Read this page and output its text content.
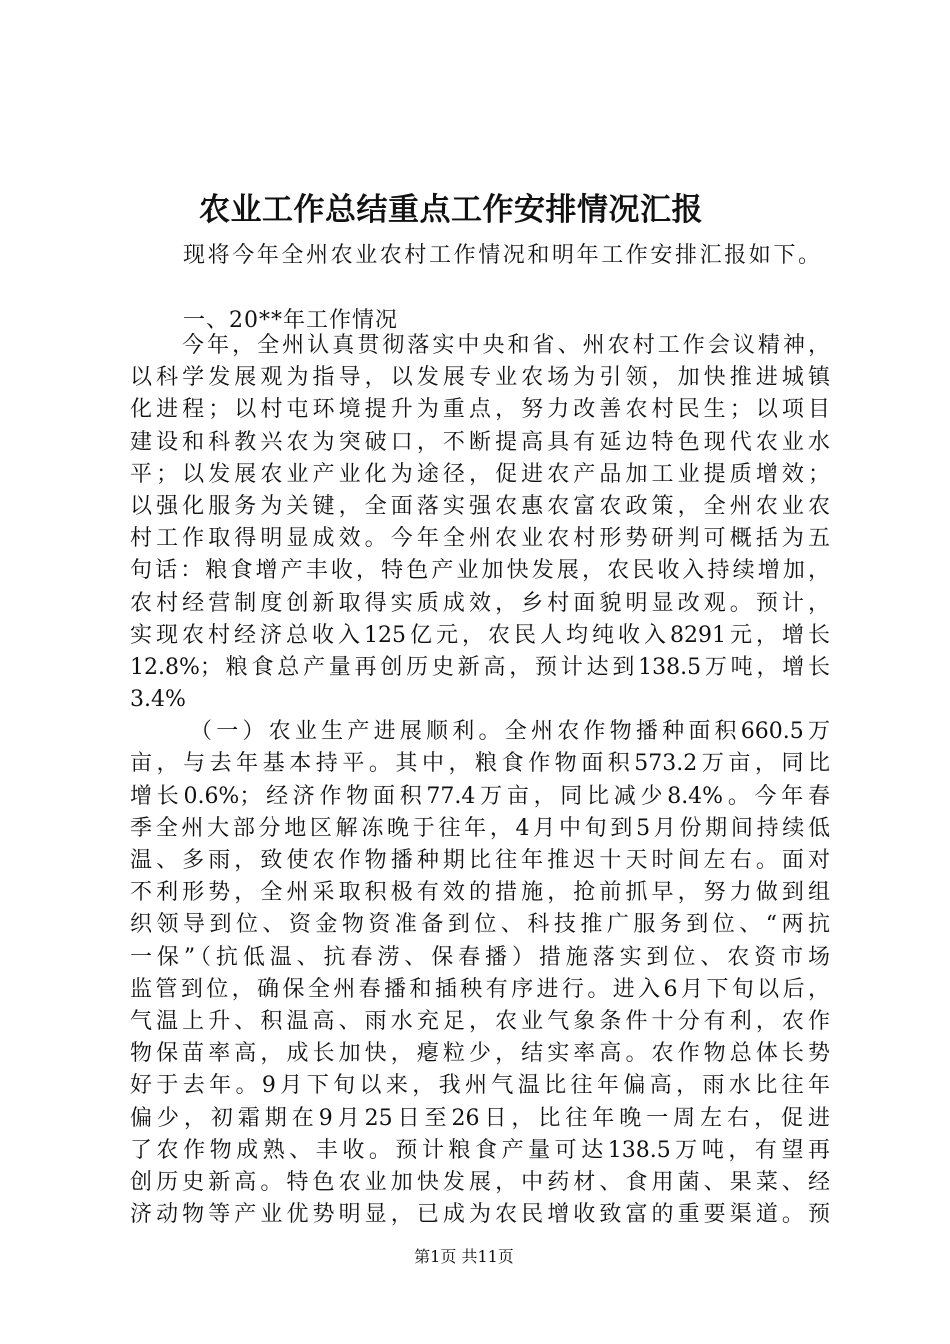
农业工作总结重点工作安排情况汇报
现将今年全州农业农村工作情况和明年工作安排汇报如下。
一、20**年工作情况
今年，全州认真贯彻落实中央和省、州农村工作会议精神，
以科学发展观为指导，以发展专业农场为引领，加快推进城镇
化进程；以村屯环境提升为重点，努力改善农村民生；以项目
建设和科教兴农为突破口，不断提高具有延边特色现代农业水
平；以发展农业产业化为途径，促进农产品加工业提质增效；
以强化服务为关键，全面落实强农惠农富农政策，全州农业农
村工作取得明显成效。今年全州农业农村形势研判可概括为五
句话：粮食增产丰收，特色产业加快发展，农民收入持续增加，
农村经营制度创新取得实质成效，乡村面貌明显改观。预计，
实现农村经济总收入125亿元，农民人均纯收入8291元，增长
12.8%；粮食总产量再创历史新高，预计达到138.5万吨，增长
3.4%
（一）农业生产进展顺利。全州农作物播种面积660.5万
亩，与去年基本持平。其中，粮食作物面积573.2万亩，同比
增长0.6%；经济作物面积77.4万亩，同比减少8.4%。今年春
季全州大部分地区解冻晚于往年，4月中旬到5月份期间持续低
温、多雨，致使农作物播种期比往年推迟十天时间左右。面对
不利形势，全州采取积极有效的措施，抢前抓早，努力做到组
织领导到位、资金物资准备到位、科技推广服务到位、“两抗
一保”（抗低温、抗春涝、保春播）措施落实到位、农资市场
监管到位，确保全州春播和插秧有序进行。进入6月下旬以后，
气温上升、积温高、雨水充足，农业气象条件十分有利，农作
物保苗率高，成长加快，瘪粒少，结实率高。农作物总体长势
好于去年。9月下旬以来，我州气温比往年偏高，雨水比往年
偏少，初霜期在9月25日至26日，比往年晚一周左右，促进
了农作物成熟、丰收。预计粮食产量可达138.5万吨，有望再
创历史新高。特色农业加快发展，中药材、食用菌、果菜、经
济动物等产业优势明显，已成为农民增收致富的重要渠道。预
第1页 共11页
